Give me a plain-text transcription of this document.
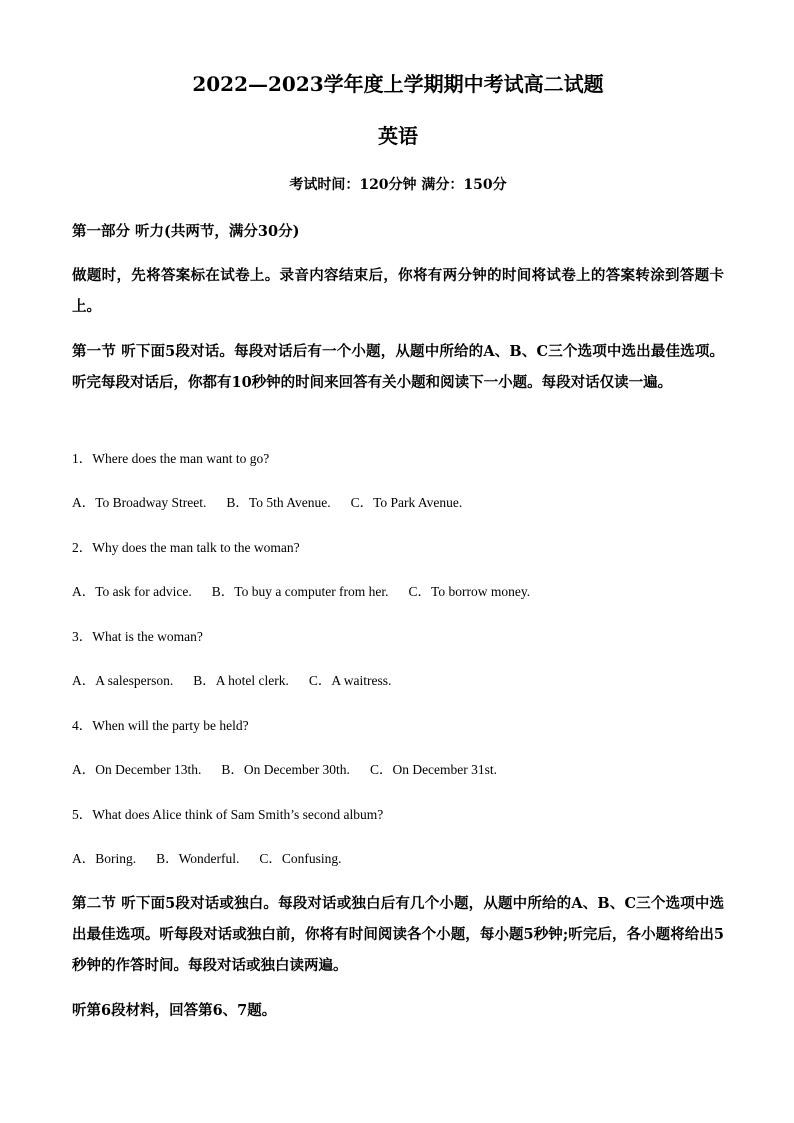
2022—2023学年度上学期期中考试高二试题
英语
考试时间：120分钟 满分：150分
第一部分 听力(共两节，满分30分)
做题时，先将答案标在试卷上。录音内容结束后，你将有两分钟的时间将试卷上的答案转涂到答题卡上。
第一节 听下面5段对话。每段对话后有一个小题，从题中所给的A、B、C三个选项中选出最佳选项。听完每段对话后，你都有10秒钟的时间来回答有关小题和阅读下一小题。每段对话仅读一遍。
1．Where does the man want to go?
A．To Broadway Street. B．To 5th Avenue. C．To Park Avenue.
2．Why does the man talk to the woman?
A．To ask for advice. B．To buy a computer from her. C．To borrow money.
3．What is the woman?
A．A salesperson. B．A hotel clerk. C．A waitress.
4．When will the party be held?
A．On December 13th. B．On December 30th. C．On December 31st.
5．What does Alice think of Sam Smith’s second album?
A．Boring. B．Wonderful. C．Confusing.
第二节 听下面5段对话或独白。每段对话或独白后有几个小题，从题中所给的A、B、C三个选项中选出最佳选项。听每段对话或独白前，你将有时间阅读各个小题，每小题5秒钟;听完后，各小题将给出5秒钟的作答时间。每段对话或独白读两遍。
听第6段材料，回答第6、7题。
